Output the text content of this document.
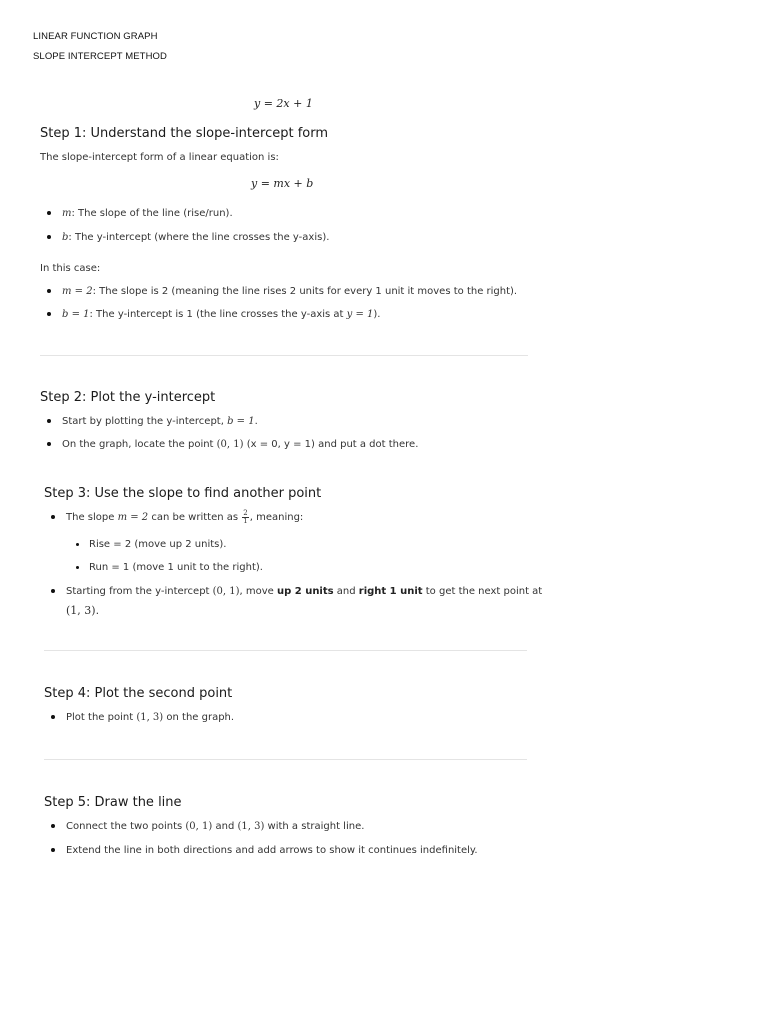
LINEAR FUNCTION GRAPH
SLOPE INTERCEPT METHOD
y = 2x + 1
Step 1: Understand the slope-intercept form
The slope-intercept form of a linear equation is:
y = mx + b
m: The slope of the line (rise/run).
b: The y-intercept (where the line crosses the y-axis).
In this case:
m = 2: The slope is 2 (meaning the line rises 2 units for every 1 unit it moves to the right).
b = 1: The y-intercept is 1 (the line crosses the y-axis at y = 1).
Step 2: Plot the y-intercept
Start by plotting the y-intercept, b = 1.
On the graph, locate the point (0, 1) (x = 0, y = 1) and put a dot there.
Step 3: Use the slope to find another point
The slope m = 2 can be written as $\frac{2}{1}$ , meaning:
Rise = 2 (move up 2 units).
Run = 1 (move 1 unit to the right).
Starting from the y-intercept (0, 1), move up 2 units and right 1 unit to get the next point at
(1, 3).
Step 4: Plot the second point
Plot the point (1, 3) on the graph.
Step 5: Draw the line
Connect the two points (0, 1) and (1, 3) with a straight line.
Extend the line in both directions and add arrows to show it continues indefinitely.
